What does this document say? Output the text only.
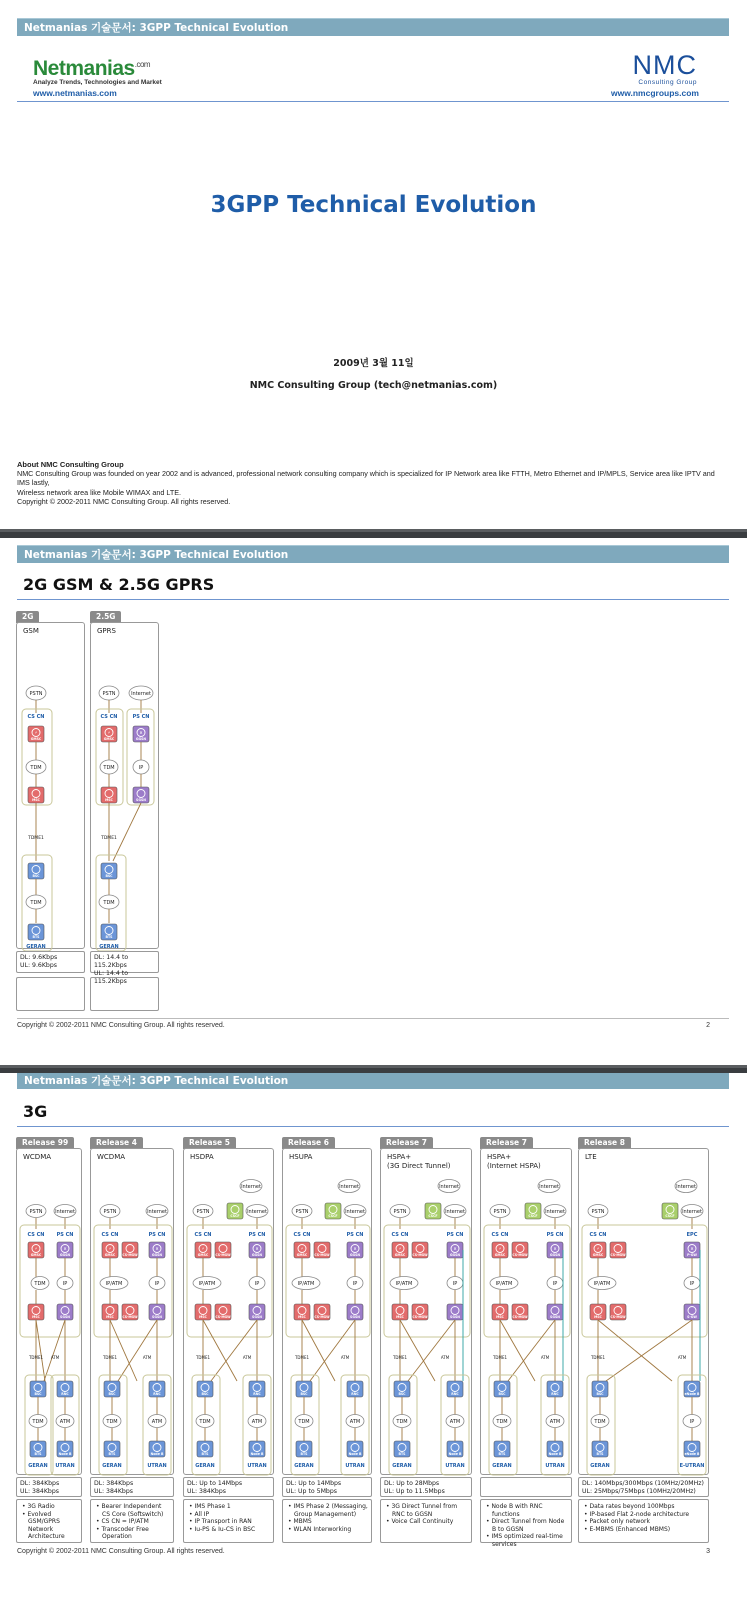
Netmanias 기술문서: 3GPP Technical Evolution
Netmanias$^{.com}$
Analyze Trends, Technologies and Market
www.netmanias.com
NMC
Consulting Group
www.nmcgroups.com
3GPP Technical Evolution
2009년 3월 11일
NMC Consulting Group (tech@netmanias.com)
About NMC Consulting Group
NMC Consulting Group was founded on year 2002 and is advanced, professional network consulting company which is specialized for IP Network area like FTTH, Metro Ethernet and IP/MPLS, Service area like IPTV and IMS lastly,
Wireless network area like Mobile WIMAX and LTE.
Copyright © 2002-2011 NMC Consulting Group. All rights reserved.
Netmanias 기술문서: 3GPP Technical Evolution
2G GSM & 2.5G GPRS
2G
GSM
PSTN
CS CN
⚡
GMSC
TDM
MSC
TDME1
BSC
TDM
BTS
GERAN
DL: 9.6Kbps
UL: 9.6Kbps
2.5G
GPRS
PSTN	Internet
CS CN	PS CN
⚡
GMSC
×
GGSN
TDM	IP
MSC	SGSN
TDME1
BSC
TDM
BTS
GERAN
DL: 14.4 to 115.2Kbps
UL: 14.4 to 115.2Kbps
Copyright © 2002-2011 NMC Consulting Group. All rights reserved.	2
Netmanias 기술문서: 3GPP Technical Evolution
3G
Release 99
WCDMA
PSTN	Internet
CS CN PS CN
⚡
GMSC
×
GGSN
TDM	IP
MSC	SGSN
TDME1 ATM
BSC	RNC
TDM	ATM
BTS	Node B
GERAN UTRAN
DL: 384Kbps
UL: 384Kbps
• 3G Radio
• Evolved GSM/GPRS Network Architecture
Release 4
WCDMA
PSTN	Internet
CS CN	PS CN
⚡
GMSC CS-MGW
×
GGSN
IP/ATM	IP
MSC	CS-MGW	SGSN
TDME1	ATM
BSC	RNC
TDM	ATM
BTS	Node B
GERAN	UTRAN
DL: 384Kbps
UL: 384Kbps
• Bearer Independent CS Core (Softswitch)
• CS CN = IP/ATM
• Transcoder Free Operation
Release 5
HSDPA
PSTN	Internet
Internet
CSCF
CS CN	PS CN
⚡
GMSC CS-MGW
×
GGSN
IP/ATM	IP
MSC	CS-MGW	SGSN
TDME1	ATM
BSC	RNC
TDM	ATM
BTS	Node B
GERAN	UTRAN
DL: Up to 14Mbps
UL: 384Kbps
• IMS Phase 1
• All IP
• IP Transport in RAN
• Iu-PS & Iu-CS in BSC
Release 6
HSUPA
PSTN	Internet
Internet
CSCF
CS CN	PS CN
⚡
GMSC CS-MGW
×
GGSN
IP/ATM	IP
MSC	CS-MGW	SGSN
TDME1	ATM
BSC	RNC
TDM	ATM
BTS	Node B
GERAN	UTRAN
DL: Up to 14Mbps
UL: Up to 5Mbps
• IMS Phase 2 (Messaging, Group Management)
• MBMS
• WLAN Interworking
Release 7
HSPA+
(3G Direct Tunnel)
PSTN	Internet
Internet
CSCF
CS CN	PS CN
⚡
GMSC CS-MGW
×
GGSN
IP/ATM	IP
MSC	CS-MGW	SGSN
TDME1	ATM
BSC	RNC
TDM	ATM
BTS	Node B
GERAN	UTRAN
DL: Up to 28Mbps
UL: Up to 11.5Mbps
• 3G Direct Tunnel from RNC to GGSN
• Voice Call Continuity
Release 7
HSPA+
(Internet HSPA)
PSTN	Internet
Internet
CSCF
CS CN	PS CN
⚡
GMSC CS-MGW
×
GGSN
IP/ATM	IP
MSC	CS-MGW	SGSN
TDME1	ATM
BSC	RNC
TDM	ATM
BTS	Node B
GERAN	UTRAN
• Node B with RNC functions
• Direct Tunnel from Node B to GGSN
• IMS optimized real-time services
Release 8
LTE
PSTN	Internet
Internet
CSCF
CS CN	EPC
⚡
GMSC CS-MGW
×
P-GW
IP/ATM	IP
MSC	CS-MGW	S-GW
TDME1	ATM
BSC	eNode B
TDM	IP
BTS	eNode B
GERAN	E-UTRAN
DL: 140Mbps/300Mbps (10MHz/20MHz)
UL: 25Mbps/75Mbps (10MHz/20MHz)
• Data rates beyond 100Mbps
• IP-based Flat 2-node architecture
• Packet only network
• E-MBMS (Enhanced MBMS)
Copyright © 2002-2011 NMC Consulting Group. All rights reserved.	3
